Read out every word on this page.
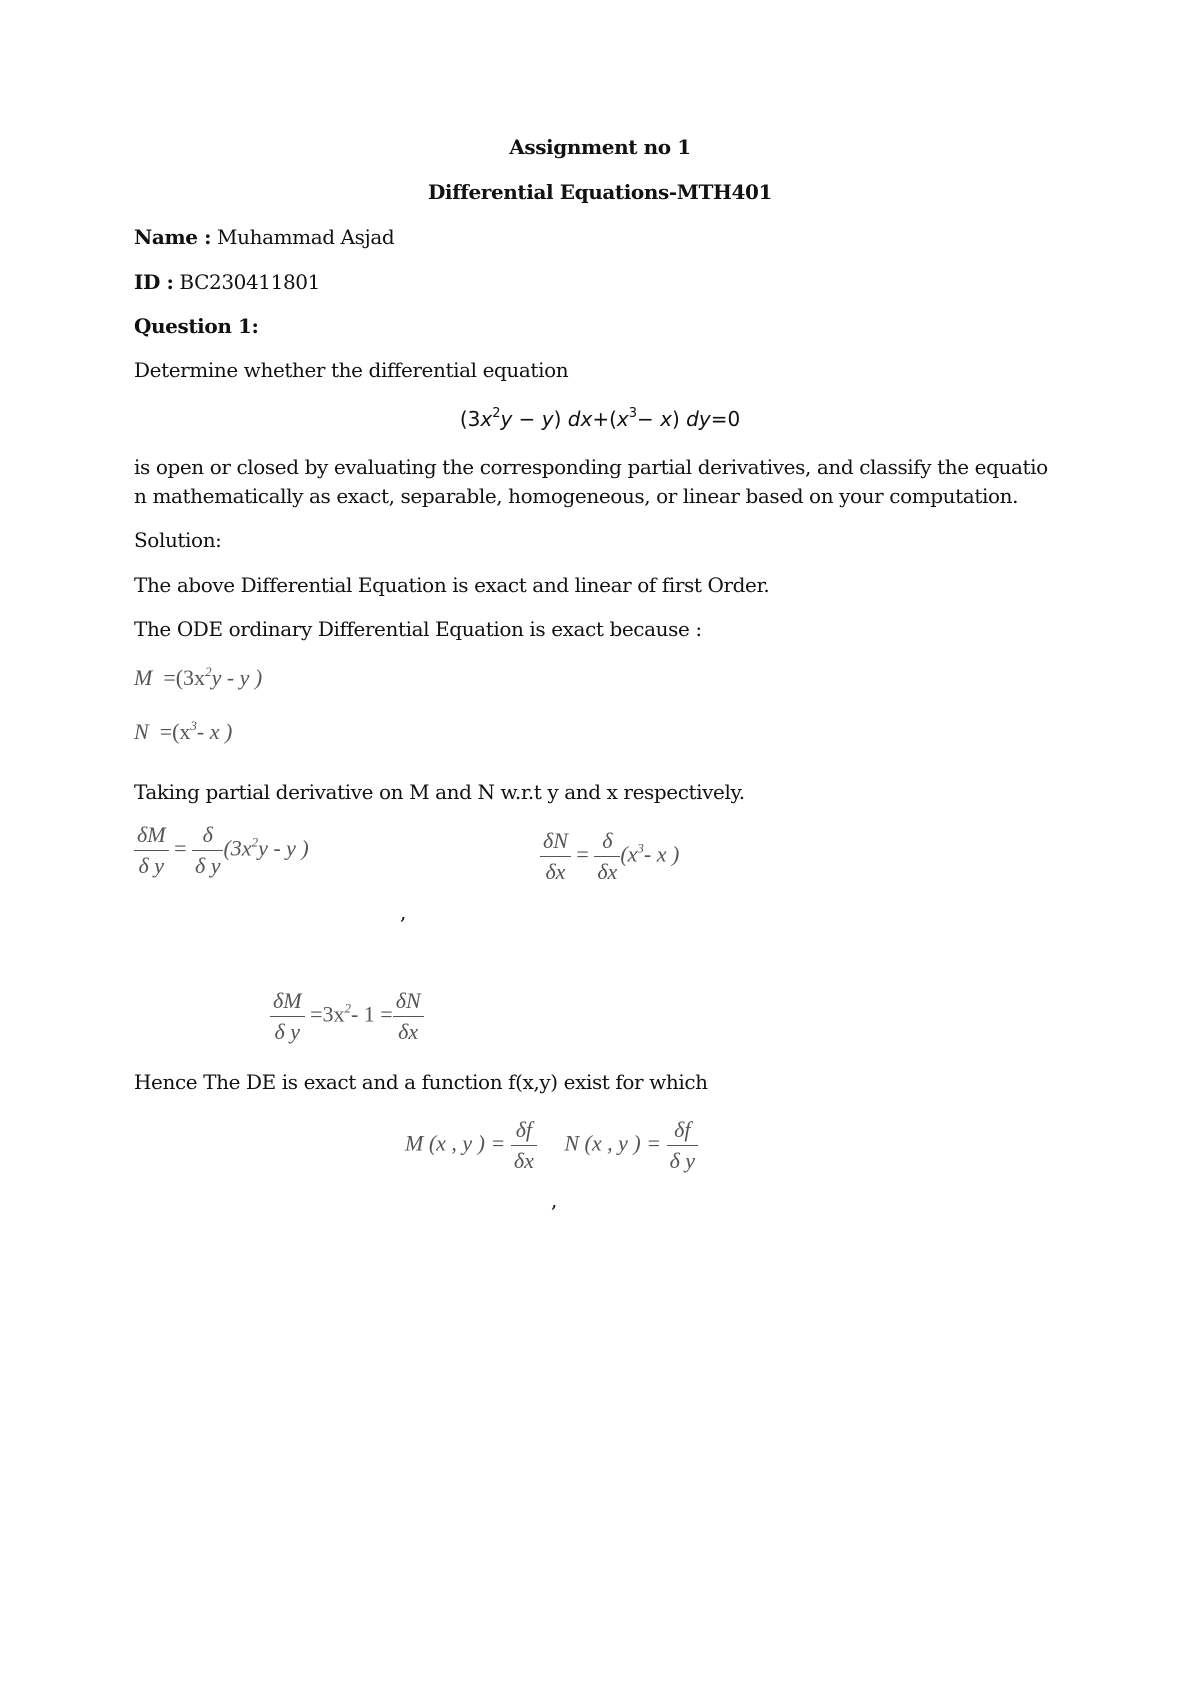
Assignment no 1
Differential Equations-MTH401
Name : Muhammad Asjad
ID : BC230411801
Question 1:
Determine whether the differential equation
$(3x^2y - y)$ $dx+(x^3- x)$ dy=0
is open or closed by evaluating the corresponding partial derivatives, and classify the equatio
n mathematically as exact, separable, homogeneous, or linear based on your computation.
Solution:
The above Differential Equation is exact and linear of first Order.
The ODE ordinary Differential Equation is exact because :
$M =(3x^2y - y$ )
$N =(x^3-$ x )
Taking partial derivative on M and N w.r.t y and x respectively.
$\frac{\delta M}{\text{δ y}} = \frac{\delta}{\text{δ y}} (3x^2y - y$ )	$\frac{\delta N}{\delta x} = \frac{\delta}{\delta x} (x^3-$ x )
,
$\frac{\delta M}{\text{δ y}} =3x^2-$ $1 = \frac{\delta N}{\delta x}$
Hence The DE is exact and a function f(x,y) exist for which
M (x , y ) = $\frac{\delta f}{\delta x}$ N (x , y ) = $\frac{\delta f}{\text{δ y}}$
,
